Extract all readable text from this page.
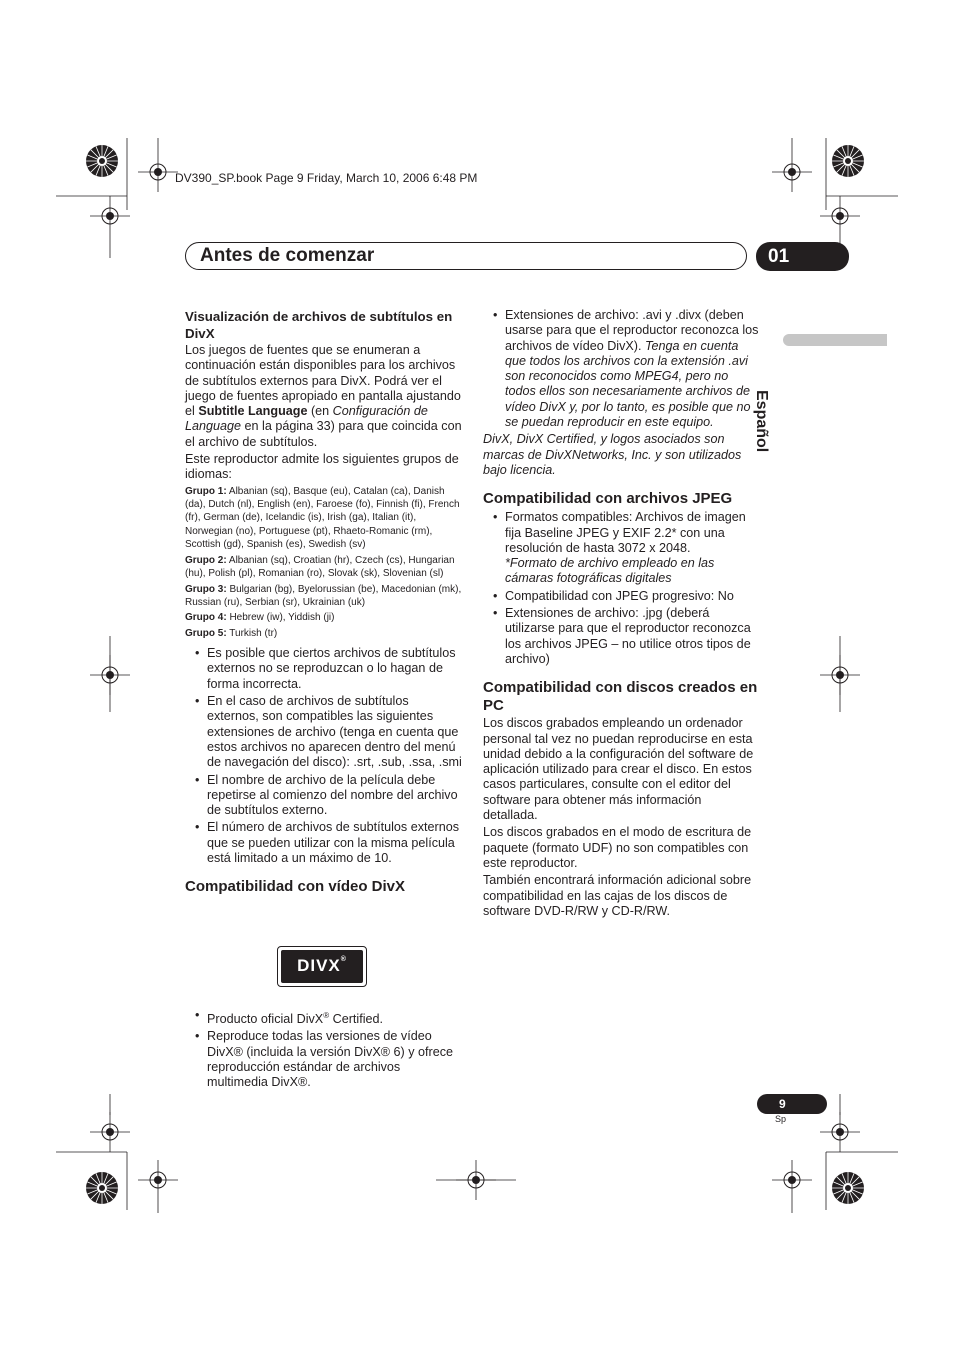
DV390_SP.book Page 9 Friday, March 10, 2006 6:48 PM
Antes de comenzar	01
Español

Visualización de archivos de subtítulos en DivX

Los juegos de fuentes que se enumeran a continuación están disponibles para los archivos de subtítulos externos para DivX. Podrá ver el juego de fuentes apropiado en pantalla ajustando el Subtitle Language (en Configuración de Language en la página 33) para que coincida con el archivo de subtítulos.

Este reproductor admite los siguientes grupos de idiomas:

Grupo 1: Albanian (sq), Basque (eu), Catalan (ca), Danish (da), Dutch (nl), English (en), Faroese (fo), Finnish (fi), French (fr), German (de), Icelandic (is), Irish (ga), Italian (it), Norwegian (no), Portuguese (pt), Rhaeto-Romanic (rm), Scottish (gd), Spanish (es), Swedish (sv)

Grupo 2: Albanian (sq), Croatian (hr), Czech (cs), Hungarian (hu), Polish (pl), Romanian (ro), Slovak (sk), Slovenian (sl)

Grupo 3: Bulgarian (bg), Byelorussian (be), Macedonian (mk), Russian (ru), Serbian (sr), Ukrainian (uk)

Grupo 4: Hebrew (iw), Yiddish (ji)

Grupo 5: Turkish (tr)

• Es posible que ciertos archivos de subtítulos externos no se reproduzcan o lo hagan de forma incorrecta.
• En el caso de archivos de subtítulos externos, son compatibles las siguientes extensiones de archivo (tenga en cuenta que estos archivos no aparecen dentro del menú de navegación del disco): .srt, .sub, .ssa, .smi
• El nombre de archivo de la película debe repetirse al comienzo del nombre del archivo de subtítulos externo.
• El número de archivos de subtítulos externos que se pueden utilizar con la misma película está limitado a un máximo de 10.

Compatibilidad con vídeo DivX

DIVX®
• Producto oficial DivX® Certified.
• Reproduce todas las versiones de vídeo DivX® (incluida la versión DivX® 6) y ofrece reproducción estándar de archivos multimedia DivX®.
• Extensiones de archivo: .avi y .divx (deben usarse para que el reproductor reconozca los archivos de vídeo DivX). Tenga en cuenta que todos los archivos con la extensión .avi son reconocidos como MPEG4, pero no todos ellos son necesariamente archivos de vídeo DivX y, por lo tanto, es posible que no se puedan reproducir en este equipo.

DivX, DivX Certified, y logos asociados son marcas de DivXNetworks, Inc. y son utilizados bajo licencia.

Compatibilidad con archivos JPEG

• Formatos compatibles: Archivos de imagen fija Baseline JPEG y EXIF 2.2* con una resolución de hasta 3072 x 2048.
*Formato de archivo empleado en las cámaras fotográficas digitales
• Compatibilidad con JPEG progresivo: No
• Extensiones de archivo: .jpg (deberá utilizarse para que el reproductor reconozca los archivos JPEG – no utilice otros tipos de archivo)

Compatibilidad con discos creados en PC

Los discos grabados empleando un ordenador personal tal vez no puedan reproducirse en esta unidad debido a la configuración del software de aplicación utilizado para crear el disco. En estos casos particulares, consulte con el editor del software para obtener más información detallada.

Los discos grabados en el modo de escritura de paquete (formato UDF) no son compatibles con este reproductor.

También encontrará información adicional sobre compatibilidad en las cajas de los discos de software DVD-R/RW y CD-R/RW.

9
Sp
